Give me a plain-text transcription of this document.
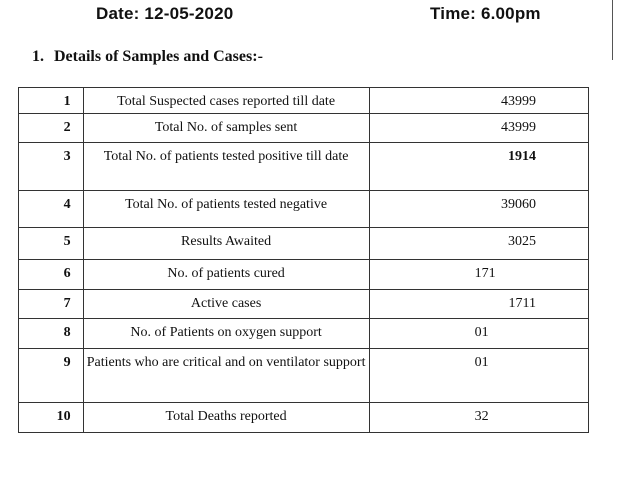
Date: 12-05-2020	Time: 6.00pm
1. Details of Samples and Cases:-
1	Total Suspected cases reported till date	43999

2	Total No. of samples sent	43999

3	Total No. of patients tested positive till date	1914

4	Total No. of patients tested negative	39060

5	Results Awaited	3025

6	No. of patients cured	171

7	Active cases	1711

8	No. of Patients on oxygen support	01

9	Patients who are critical and on ventilator support	01

10	Total Deaths reported	32
